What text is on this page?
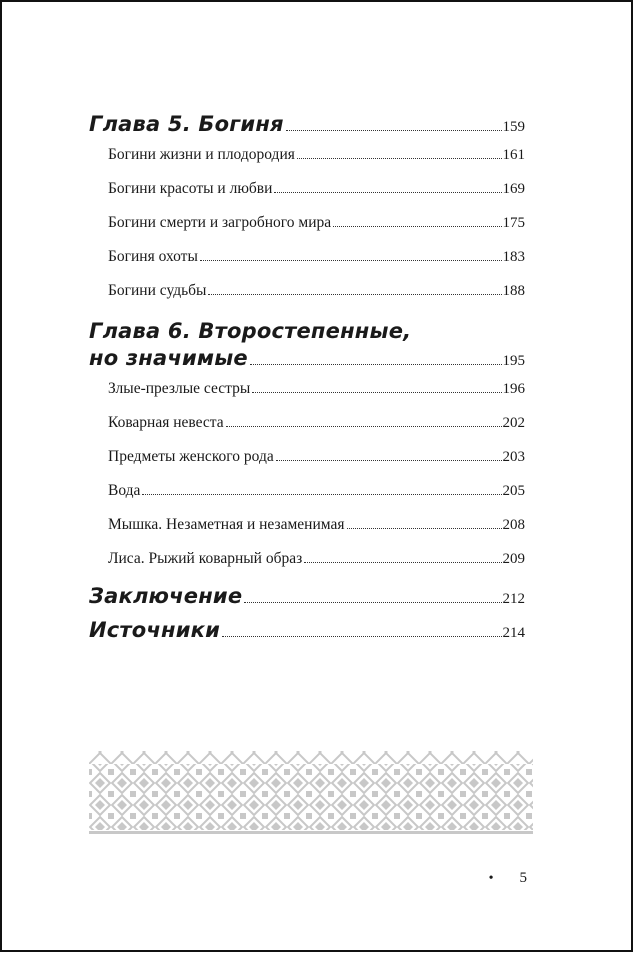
Глава 5. Богиня	159
Богини жизни и плодородия	161
Богини красоты и любви	169
Богини смерти и загробного мира	175
Богиня охоты	183
Богини судьбы	188
Глава 6. Второстепенные,
но значимые	195
Злые-презлые сестры	196
Коварная невеста	202
Предметы женского рода	203
Вода	205
Мышка. Незаметная и незаменимая	208
Лиса. Рыжий коварный образ	209
Заключение	212
Источники	214
• 5
